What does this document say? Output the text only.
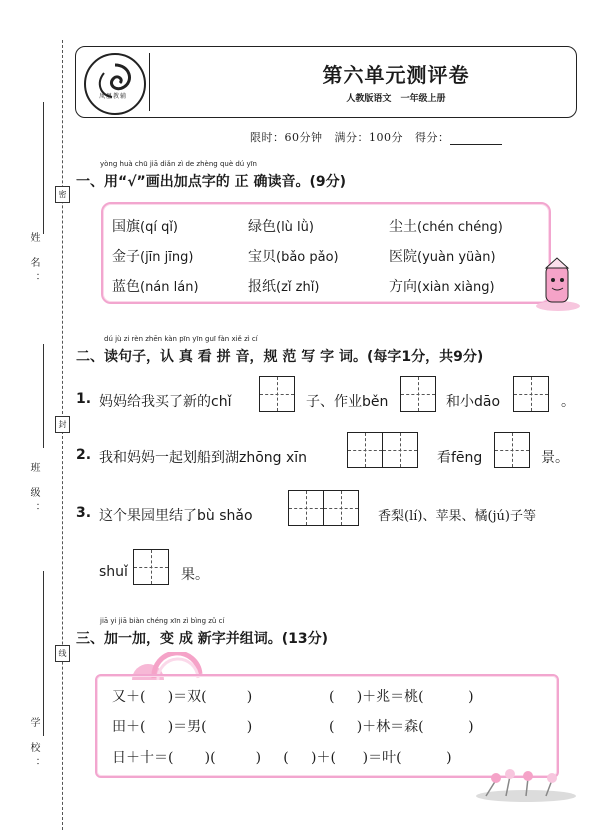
姓 名：
班 级：
学 校：
密
封
线
凤凰教辅
第六单元测评卷
人教版语文 一年级上册
限时：60分钟 满分：100分 得分：
yòng huà chū jiā diǎn zì de zhèng què dú yīn
一、用“√”画出加点字的 正 确读音。(9分)
国旗(qí qǐ)	绿色(lù lǜ)	尘土(chén chéng)
金子(jīn jīng)	宝贝(bǎo pǎo)	医院(yuàn yüàn)
蓝色(nán lán)	报纸(zǐ zhǐ)	方向(xiàn xiàng)
dú jù zi rèn zhēn kàn pīn yīn guī fàn xiě zì cí
二、读句子，认 真 看 拼 音，规 范 写 字 词。(每字1分，共9分)
1. 妈妈给我买了新的chǐ	子、作业běn	和小dāo	。
2. 我和妈妈一起划船到湖zhōng xīn	看fēng	景。
3. 这个果园里结了bù shǎo	香梨(lí)、苹果、橘(jú)子等
shuǐ	果。
jiā yi jiā biàn chéng xīn zì bìng zǔ cí
三、加一加，变 成 新字并组词。(13分)
又＋(     )＝双(         )	(     )＋兆＝桃(          )
田＋(     )＝男(         )	(     )＋林＝森(          )
日＋十＝(       )(         )     (     )＋(      )＝叶(          )
